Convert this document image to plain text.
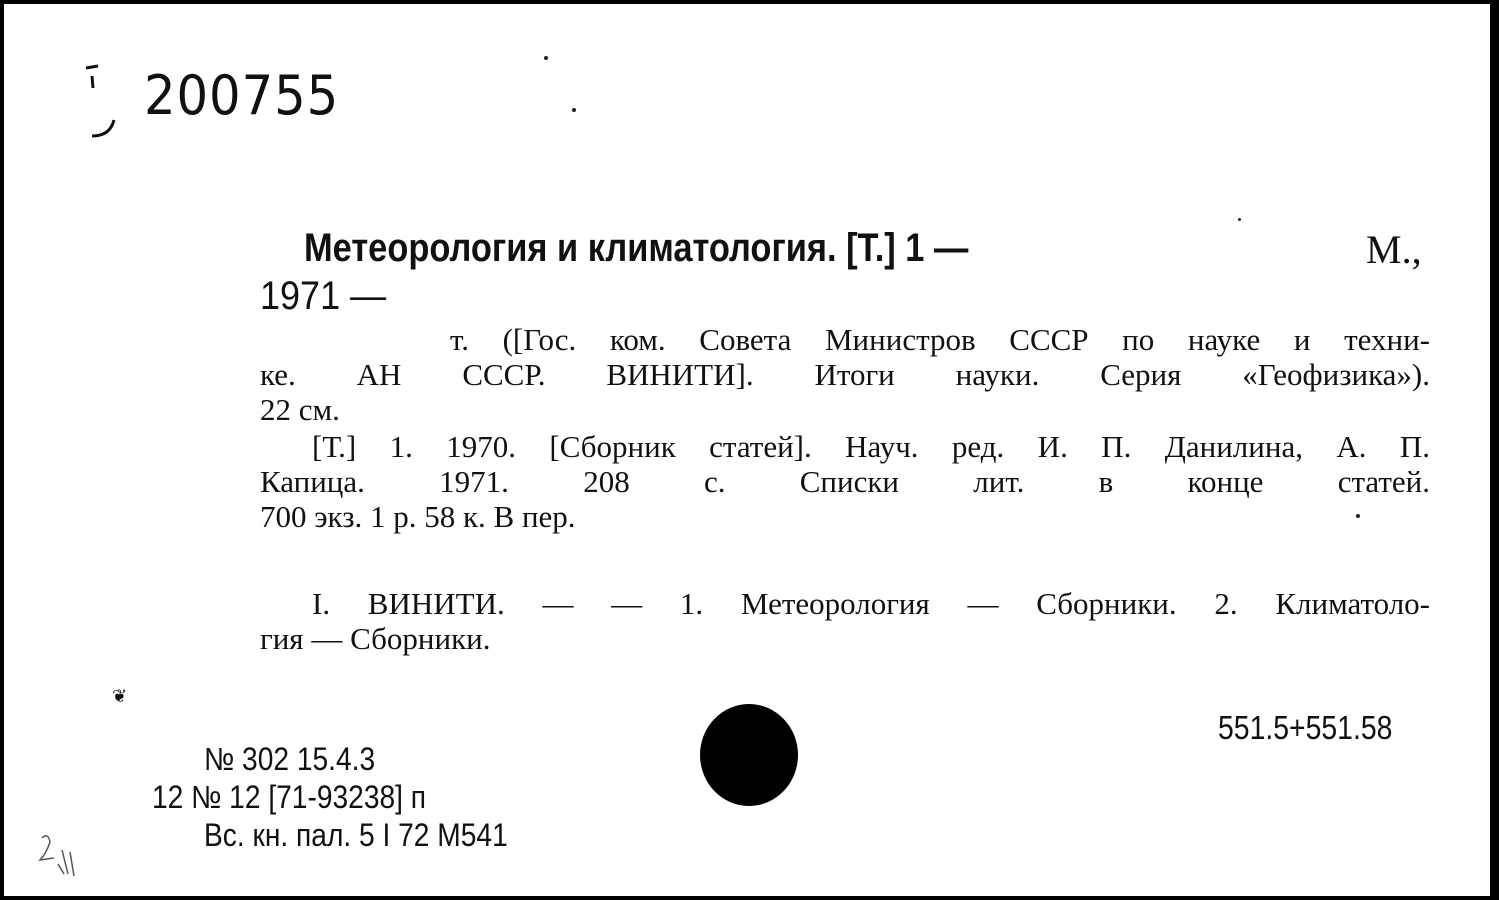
200755
Метеорология и климатология. [Т.] 1 —	М.,
1971 —
т. ([Гос. ком. Совета Министров СССР по науке и техни-
ке. АН СССР. ВИНИТИ]. Итоги науки. Серия «Геофизика»).
22 см.
[Т.] 1. 1970. [Сборник статей]. Науч. ред. И. П. Данилина, А. П.
Капица. 1971. 208 с. Списки лит. в конце статей.
700 экз. 1 р. 58 к. В пер.
I. ВИНИТИ. — — 1. Метеорология — Сборники. 2. Климатоло-
гия — Сборники.
551.5+551.58
№ 302 15.4.3
12 № 12 [71-93238] п
Вс. кн. пал. 5 I 72 М541
❦
